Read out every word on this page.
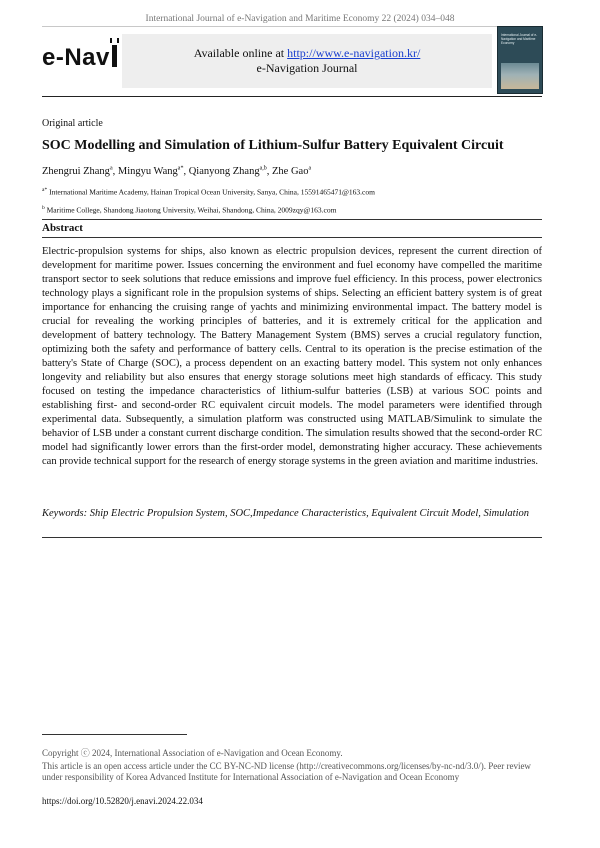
International Journal of e-Navigation and Maritime Economy 22 (2024) 034–048
e-Nav	Available online at http://www.e-navigation.kr/
e-Navigation Journal
International Journal of e-Navigation and Maritime Economy
Original article
SOC Modelling and Simulation of Lithium-Sulfur Battery Equivalent Circuit
Zhengrui Zhang$^a$, Mingyu Wang$^{a*}$, Qianyong Zhang$^{a,b}$, Zhe Gao$^a$
$^{a*}$ International Maritime Academy, Hainan Tropical Ocean University, Sanya, China, 15591465471@163.com
$^b$ Maritime College, Shandong Jiaotong University, Weihai, Shandong, China, 2009zqy@163.com
Abstract

Electric-propulsion systems for ships, also known as electric propulsion devices, represent the current direction of development for maritime power. Issues concerning the environment and fuel economy have compelled the maritime transport sector to seek solutions that reduce emissions and improve fuel efficiency. In this process, power electronics technology plays a significant role in the propulsion systems of ships. Selecting an efficient battery system is of great importance for enhancing the cruising range of yachts and minimizing environmental impact. The battery model is crucial for revealing the working principles of batteries, and it is extremely critical for the application and development of battery technology. The Battery Management System (BMS) serves a crucial regulatory function, optimizing both the safety and performance of battery cells. Central to its operation is the precise estimation of the battery's State of Charge (SOC), a process dependent on an exacting battery model. This system not only enhances longevity and reliability but also ensures that energy storage solutions meet high standards of efficacy. This study focused on testing the impedance characteristics of lithium-sulfur batteries (LSB) at various SOC points and establishing first- and second-order RC equivalent circuit models. The model parameters were identified through experimental data. Subsequently, a simulation platform was constructed using MATLAB/Simulink to simulate the behavior of LSB under a constant current discharge condition. The simulation results showed that the second-order RC model had significantly lower errors than the first-order model, demonstrating higher accuracy. These achievements can provide technical support for the research of energy storage systems in the green aviation and maritime industries.

Keywords: Ship Electric Propulsion System, SOC,Impedance Characteristics, Equivalent Circuit Model, Simulation

Copyright ⓒ 2024, International Association of e-Navigation and Ocean Economy.

This article is an open access article under the CC BY-NC-ND license (http://creativecommons.org/licenses/by-nc-nd/3.0/). Peer review under responsibility of Korea Advanced Institute for International Association of e-Navigation and Ocean Economy

https://doi.org/10.52820/j.enavi.2024.22.034
